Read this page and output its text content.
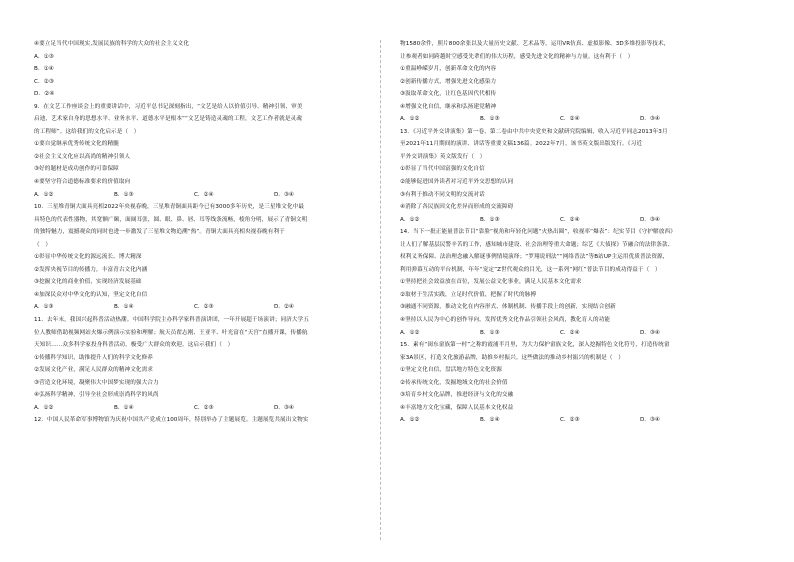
④要立足当代中国现实,发展民族的科学的大众的社会主义文化
A．①③
B．①④
C．②③
D．②④
9．在文艺工作座谈会上的重要讲话中，习近平总书记深刻指出，“文艺是给人以价值引导、精神引领、审美
启迪，艺术家自身的思想水平、业务水平、道德水平是根本”“文艺是铸造灵魂的工程，文艺工作者就是灵魂
的工程师”。这给我们的文化启示是（　）
①要自觉继承优秀传统文化的精髓
②社会主义文化应以高尚的精神引领人
③好的题材是成功创作的可靠保障
④要坚守符合道德标准要求的价值取向
A．①②	B．①③	C．②④	D．③④
10．三星堆青铜大面具亮相2022年央视春晚，三星堆青铜面具距今已有3000多年历史，是三星堆文化中最
具特色的代表性器物，其宽额广颐，面阔耳张，圆、眼、鼻、唇、耳等线条流畅，棱角分明，展示了青铜文明
的独特魅力，震撼观众的同时也进一步激发了三星堆文物追溯“热”。青铜大面具亮相央视春晚有利于
（　）
①彰显中华传统文化的源远流长、博大精深
②发挥央视节目的传播力，丰富青古文化内涵
③挖掘文化的商业价值，实现经济发展基础
④加深民众对中华文化的认知，坚定文化自信
A．①③	B．①④	C．②③	D．②④
11．去年末，我国兴起科普活动热潮。中国科学院主办科学家科普演讲团，一年开展超千场演讲；同济大学五
位人教师借助视频网站火爆示例演示实验和理解；航天员翟志刚、王亚平、叶光富在“天宫”直播开课，传播航
天知识……众多科学家投身科普活动，极受广大群众的欢迎。这启示我们（　）
①传播科学知识，助推提升人们的科学文化修养
②发展文化产业，满足人民群众的精神文化需求
③营造文化环境，凝聚伟大中国梦实现的强大合力
④弘扬科学精神，引导全社会形成崇尚科学的风尚
A．①②	B．①④	C．②③	D．③④
12．中国人民革命军事博物馆为庆祝中国共产党成立100周年，特别举办了主题展览。主题展览共展出文物实
物1580余件，照片800余张以及大量历史文献、艺术品等，运用VR仿真、虚拟影像、3D多维投影等技术，
让参观者如同跨越时空感受先辈们的伟大历程，感受先进文化的精神与力量。这有利于（　）
①重温峥嵘岁月，创新革命文化的内容
②创新传播方式，增强先进文化感染力
③汲取革命文化，让红色基因代代相传
④增强文化自信，继承和弘扬建党精神
A．①②	B．①③	C．②④	D．③④
13．《习近平外交讲演集》第一卷、第二卷由中共中央党史和文献研究院编辑，收入习近平同志2013年3月
至2021年11月期间的演讲、讲话等重要文稿136篇。2022年7月，该书英文版出版发行。《习近
平外交讲演集》英文版发行（　）
①彰显了当代中国富强的文化自信
②能够促进国外读者对习近平外交思想的认同
③有利于推动不同文明的交流对话
④消除了各民族因文化差异而形成的交流障碍
A．①②	B．①③	C．②④	D．③④
14．当下一批正能量普法节目“靠脸”视角和年轻化问题“火热出圈”，收视率“爆表”：纪实节目《守护解放西》
让人们了解基层民警辛苦的工作，感知城市建设、社会治理等重大命题；综艺《大侦探》节融合的法律条款、
权利义务保障、法治理念融入解谜事例情境演绎；“罗翔说刑法”“网络普法”等B站UP主运用优质普法资源，
利用弹幕互动的平台机制，年年“宠定”Z世代观众的目光，这一系列“网红”普法节目的成功得益于（　）
①坚持把社会效益放在首位，发展公益文化事业，满足人民基本文化需求
②取材于生活实践，立足时代价值，把握了时代的脉搏
③融通不同资源，推动文化在内容形式、体制机制、传播手段上的创新，实现结合创新
④坚持以人民为中心的创作导向，发挥优秀文化作品引领社会风尚，教化育人的功能
A．①②	B．①③	C．②④	D．③④
15．素有“闽东畲族第一村”之称的霞浦半月里，为大力保护畲族文化，深入挖掘特色文化符号，打造传统畲
家3A景区，打造文化旅游品牌，助推乡村振兴。这些做法的推动乡村振兴的机制是（　）
①坚定文化自信，盘活地方特色文化资源
②传承传统文化，发掘地域文化的社会价值
③培育乡村文化品牌，推进经济与文化的交融
④丰富地方文化宝藏，保障人民基本文化权益
A．①②	B．①④	C．②③	D．③④
